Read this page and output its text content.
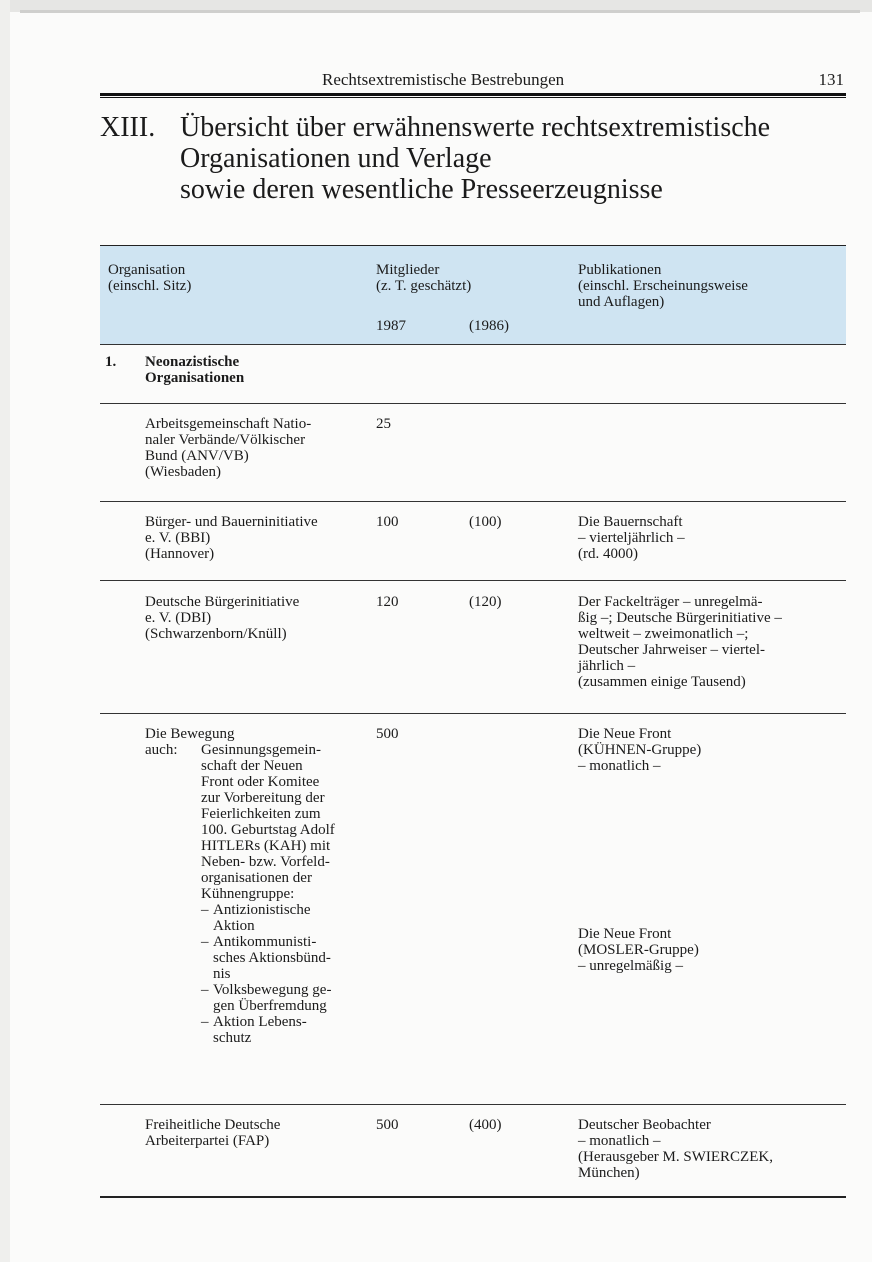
Rechtsextremistische Bestrebungen	131
XIII. Übersicht über erwähnenswerte rechtsextremistische
Organisationen und Verlage
sowie deren wesentliche Presseerzeugnisse
Organisation
(einschl. Sitz)
Mitglieder
(z. T. geschätzt)
1987	(1986)
Publikationen
(einschl. Erscheinungsweise
und Auflagen)
1. Neonazistische
Organisationen
Arbeitsgemeinschaft Natio-
naler Verbände/Völkischer
Bund (ANV/VB)
(Wiesbaden)
25
Bürger- und Bauerninitiative
e. V. (BBI)
(Hannover)
100	(100)	Die Bauernschaft
– vierteljährlich –
(rd. 4000)
Deutsche Bürgerinitiative
e. V. (DBI)
(Schwarzenborn/Knüll)
120	(120)	Der Fackelträger – unregelmä-
ßig –; Deutsche Bürgerinitiative –
weltweit – zweimonatlich –;
Deutscher Jahrweiser – viertel-
jährlich –
(zusammen einige Tausend)
Die Bewegung
auch: Gesinnungsgemein-
schaft der Neuen
Front oder Komitee
zur Vorbereitung der
Feierlichkeiten zum
100. Geburtstag Adolf
HITLERs (KAH) mit
Neben- bzw. Vorfeld-
organisationen der
Kühnengruppe:
– Antizionistische
Aktion
– Antikommunisti-
sches Aktionsbünd-
nis
– Volksbewegung ge-
gen Überfremdung
– Aktion Lebens-
schutz
500	Die Neue Front
(KÜHNEN-Gruppe)
– monatlich –
Die Neue Front
(MOSLER-Gruppe)
– unregelmäßig –
Freiheitliche Deutsche
Arbeiterpartei (FAP)
500	(400)	Deutscher Beobachter
– monatlich –
(Herausgeber M. SWIERCZEK,
München)
